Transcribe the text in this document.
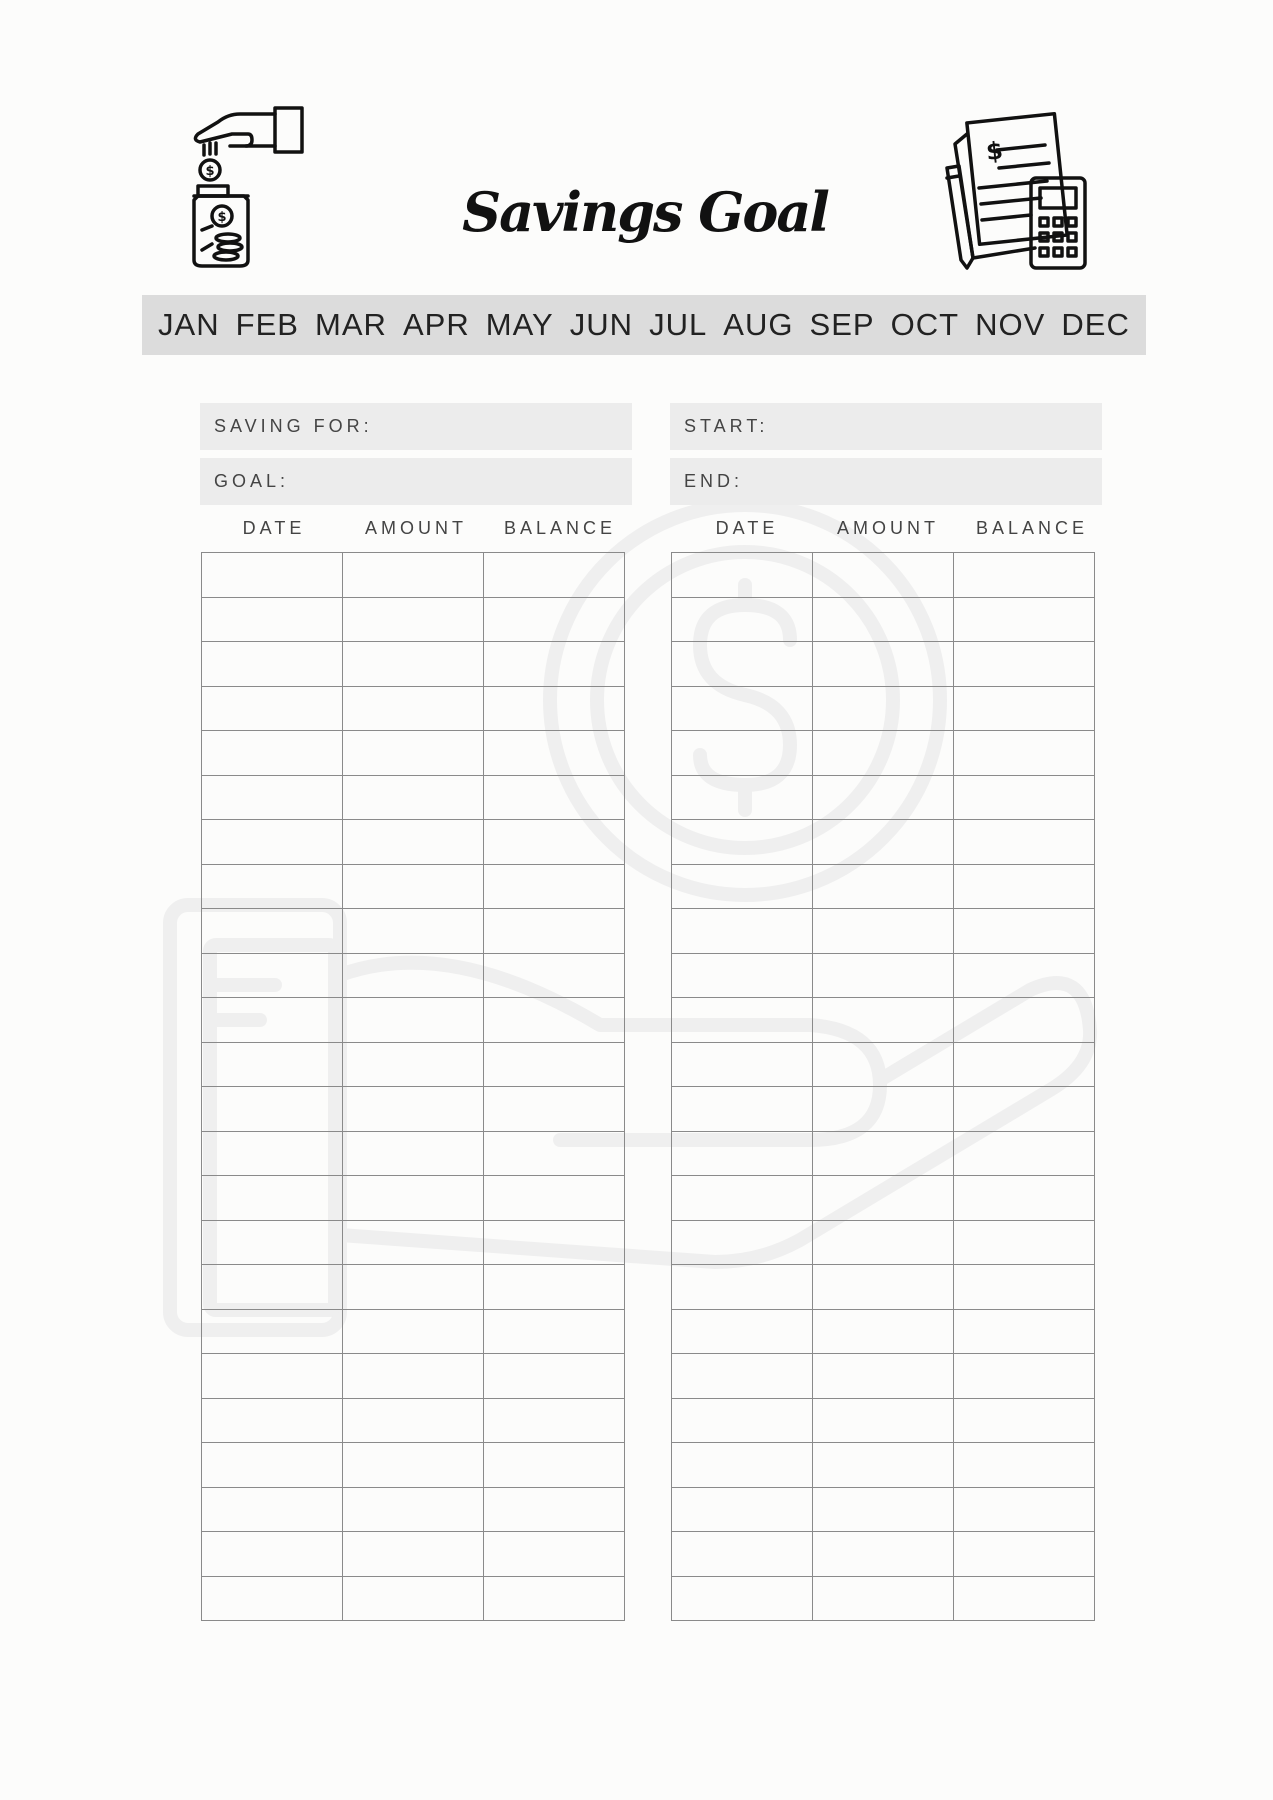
$
$
$
Savings Goal
JAN FEB MAR APR MAY JUN JUL AUG SEP OCT NOV DEC
SAVING FOR:
GOAL:
START:
END:
DATE	AMOUNT	BALANCE	DATE	AMOUNT	BALANCE
